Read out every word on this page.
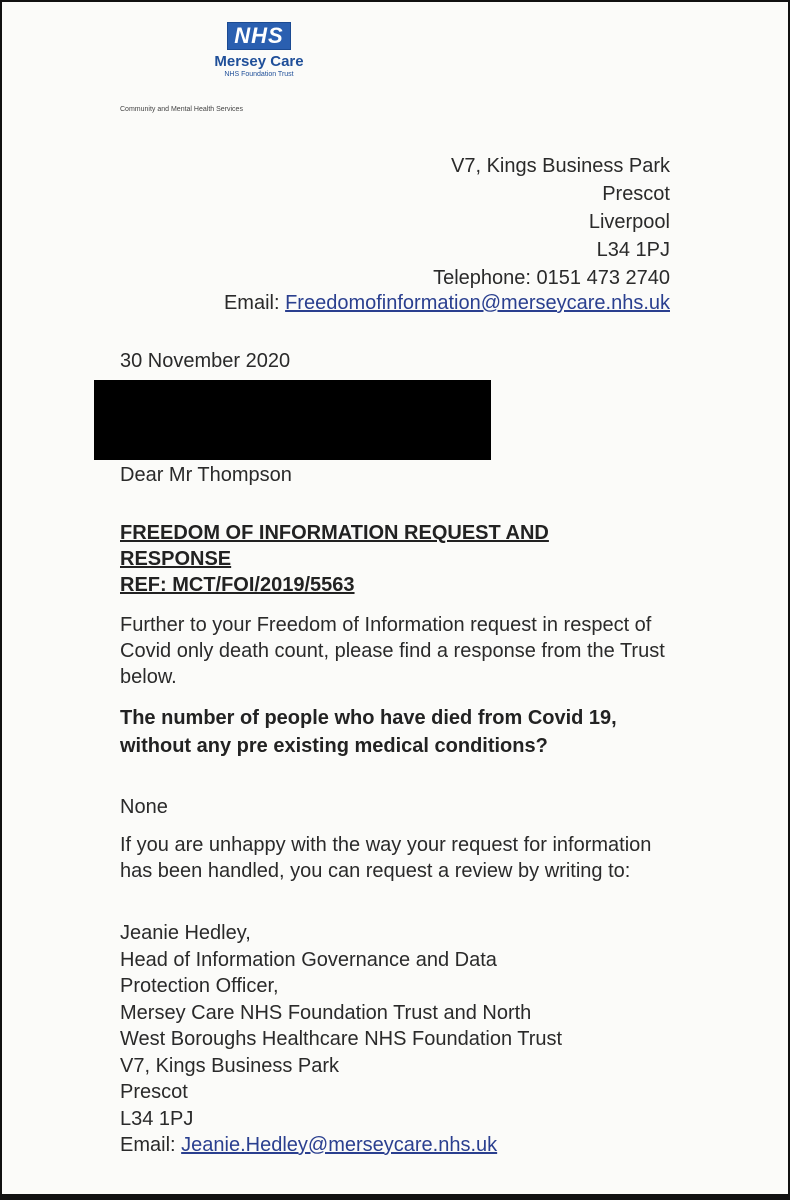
NHS
Mersey Care
NHS Foundation Trust
Community and Mental Health Services
V7, Kings Business Park
Prescot
Liverpool
L34 1PJ
Telephone: 0151 473 2740
Email: Freedomofinformation@merseycare.nhs.uk
30 November 2020
Dear Mr Thompson
FREEDOM OF INFORMATION REQUEST AND
RESPONSE
REF: MCT/FOI/2019/5563
Further to your Freedom of Information request in respect of Covid only death count, please find a response from the Trust below.
The number of people who have died from Covid 19, without any pre existing medical conditions?
None
If you are unhappy with the way your request for information has been handled, you can request a review by writing to:
Jeanie Hedley,
Head of Information Governance and Data
Protection Officer,
Mersey Care NHS Foundation Trust and North
West Boroughs Healthcare NHS Foundation Trust
V7, Kings Business Park
Prescot
L34 1PJ
Email: Jeanie.Hedley@merseycare.nhs.uk
